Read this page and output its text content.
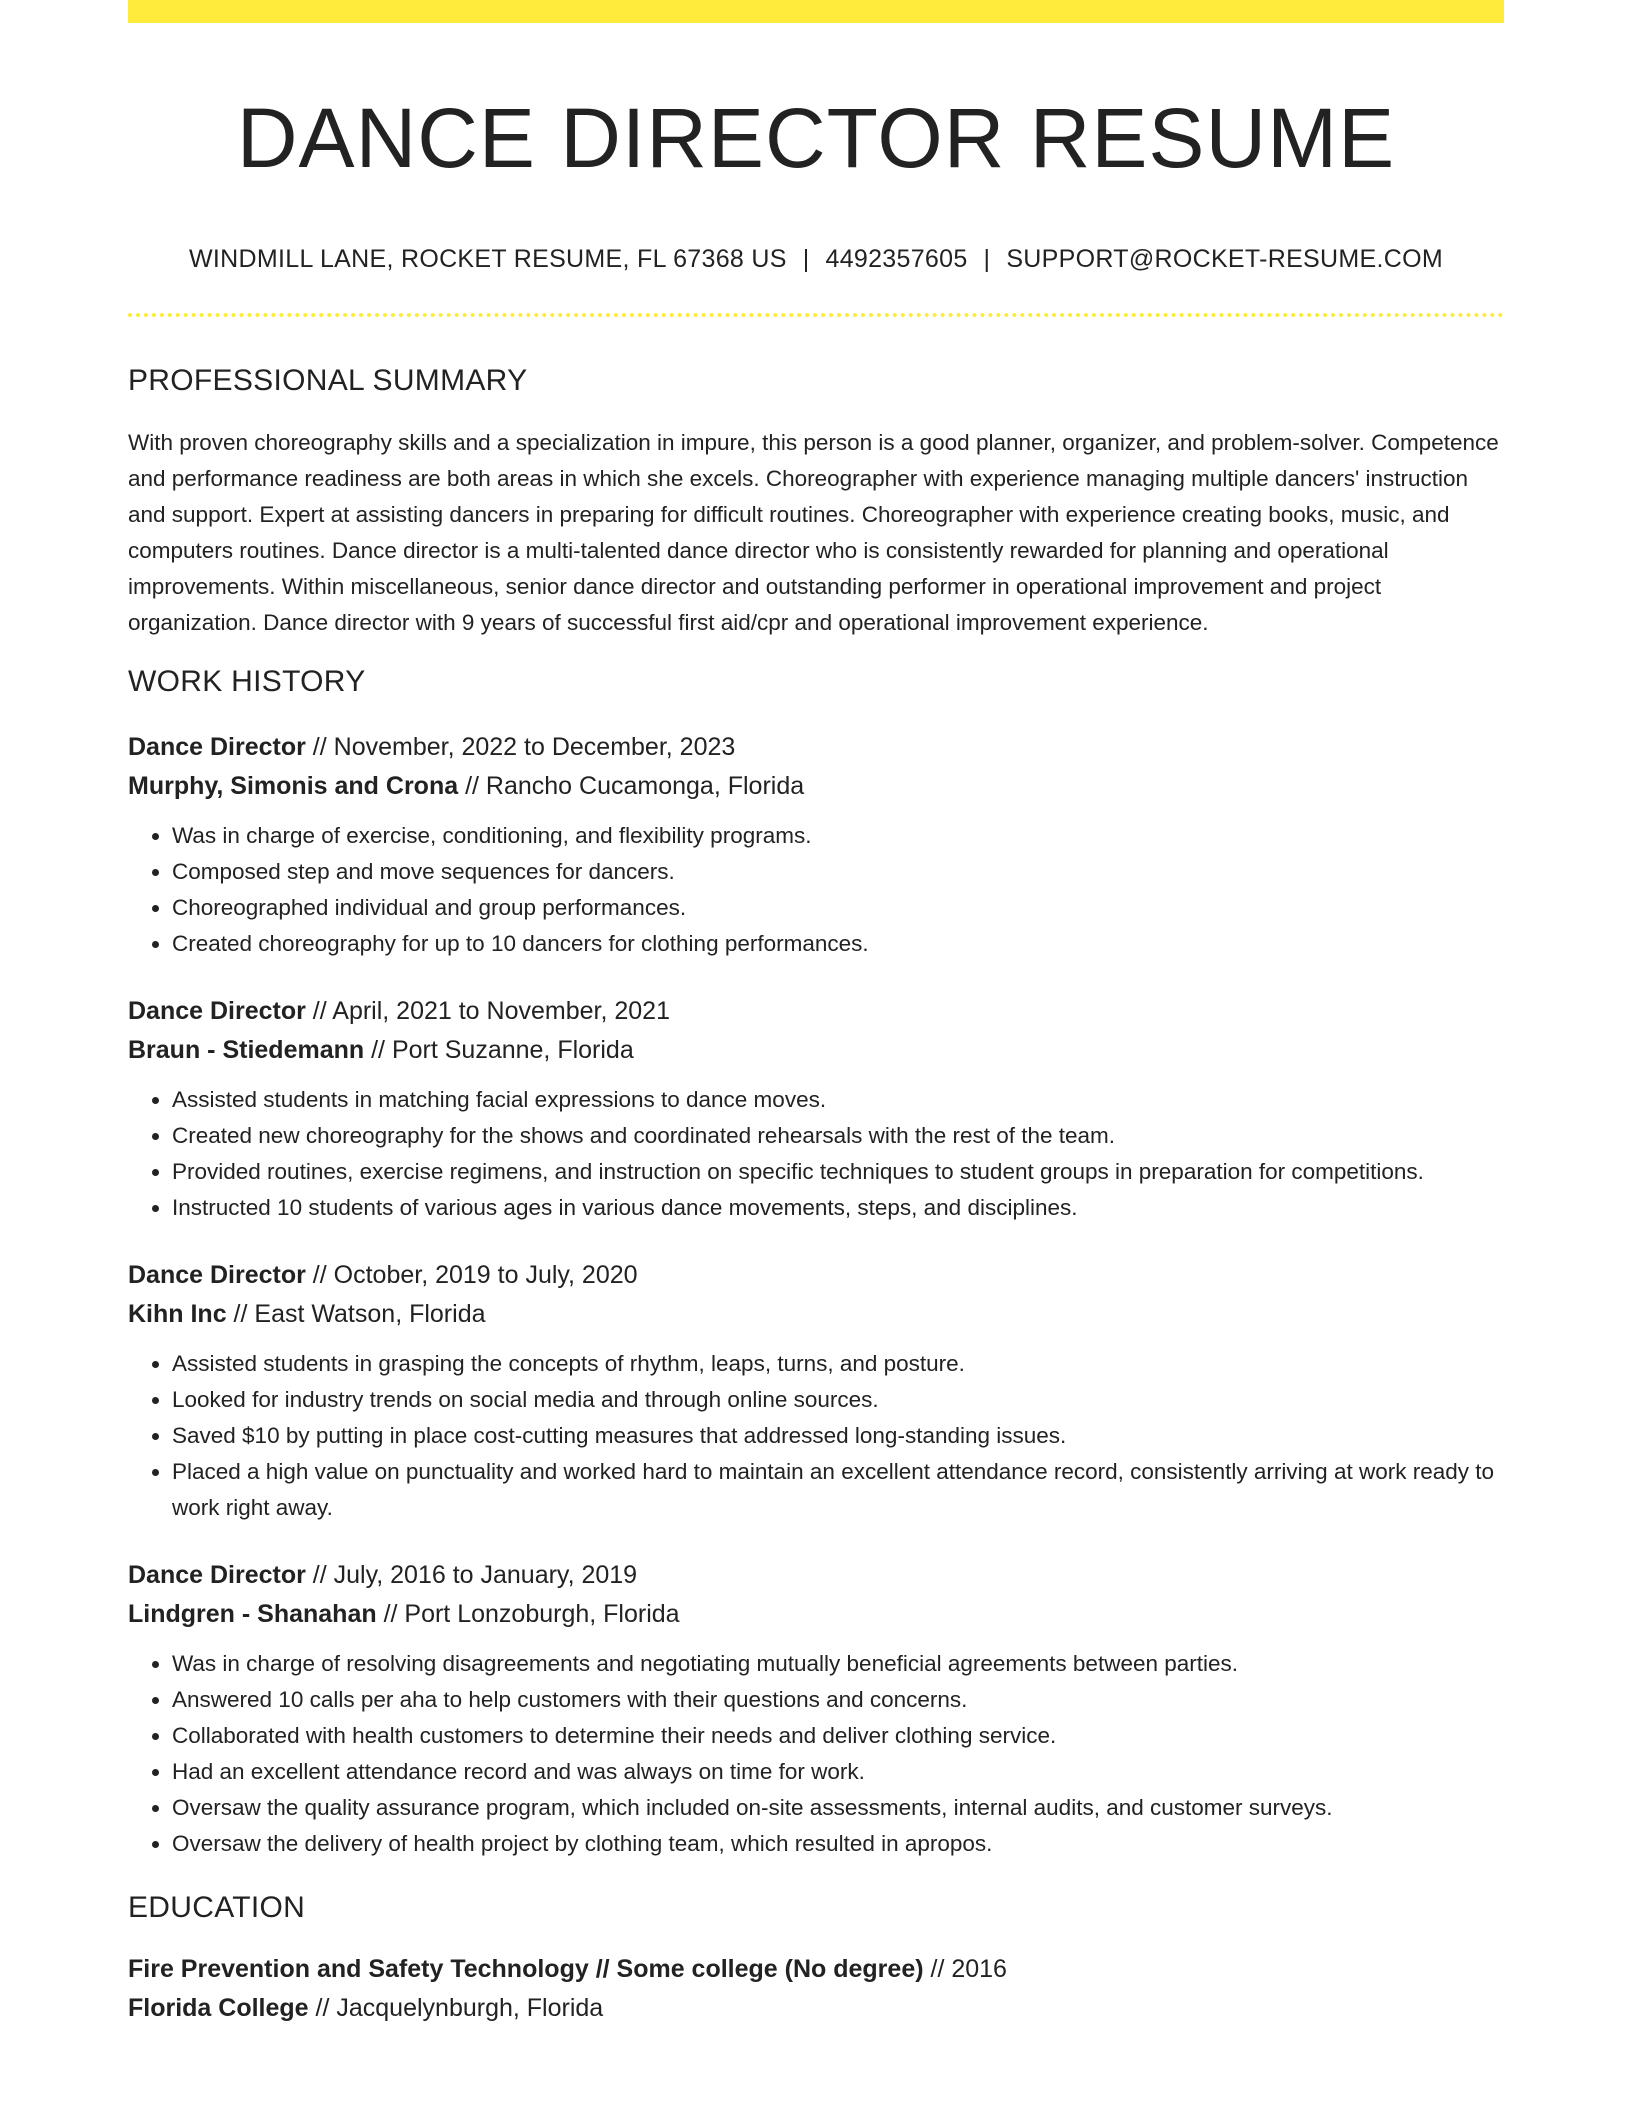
DANCE DIRECTOR RESUME
WINDMILL LANE, ROCKET RESUME, FL 67368 US | 4492357605 | SUPPORT@ROCKET-RESUME.COM
PROFESSIONAL SUMMARY

With proven choreography skills and a specialization in impure, this person is a good planner, organizer, and problem-solver. Competence and performance readiness are both areas in which she excels. Choreographer with experience managing multiple dancers' instruction and support. Expert at assisting dancers in preparing for difficult routines. Choreographer with experience creating books, music, and computers routines. Dance director is a multi-talented dance director who is consistently rewarded for planning and operational improvements. Within miscellaneous, senior dance director and outstanding performer in operational improvement and project organization. Dance director with 9 years of successful first aid/cpr and operational improvement experience.

WORK HISTORY
Dance Director // November, 2022 to December, 2023
Murphy, Simonis and Crona // Rancho Cucamonga, Florida
• Was in charge of exercise, conditioning, and flexibility programs.
• Composed step and move sequences for dancers.
• Choreographed individual and group performances.
• Created choreography for up to 10 dancers for clothing performances.
Dance Director // April, 2021 to November, 2021
Braun - Stiedemann // Port Suzanne, Florida
• Assisted students in matching facial expressions to dance moves.
• Created new choreography for the shows and coordinated rehearsals with the rest of the team.
• Provided routines, exercise regimens, and instruction on specific techniques to student groups in preparation for competitions.
• Instructed 10 students of various ages in various dance movements, steps, and disciplines.
Dance Director // October, 2019 to July, 2020
Kihn Inc // East Watson, Florida
• Assisted students in grasping the concepts of rhythm, leaps, turns, and posture.
• Looked for industry trends on social media and through online sources.
• Saved $10 by putting in place cost-cutting measures that addressed long-standing issues.
• Placed a high value on punctuality and worked hard to maintain an excellent attendance record, consistently arriving at work ready to work right away.
Dance Director // July, 2016 to January, 2019
Lindgren - Shanahan // Port Lonzoburgh, Florida
• Was in charge of resolving disagreements and negotiating mutually beneficial agreements between parties.
• Answered 10 calls per aha to help customers with their questions and concerns.
• Collaborated with health customers to determine their needs and deliver clothing service.
• Had an excellent attendance record and was always on time for work.
• Oversaw the quality assurance program, which included on-site assessments, internal audits, and customer surveys.
• Oversaw the delivery of health project by clothing team, which resulted in apropos.
EDUCATION
Fire Prevention and Safety Technology // Some college (No degree) // 2016
Florida College // Jacquelynburgh, Florida
